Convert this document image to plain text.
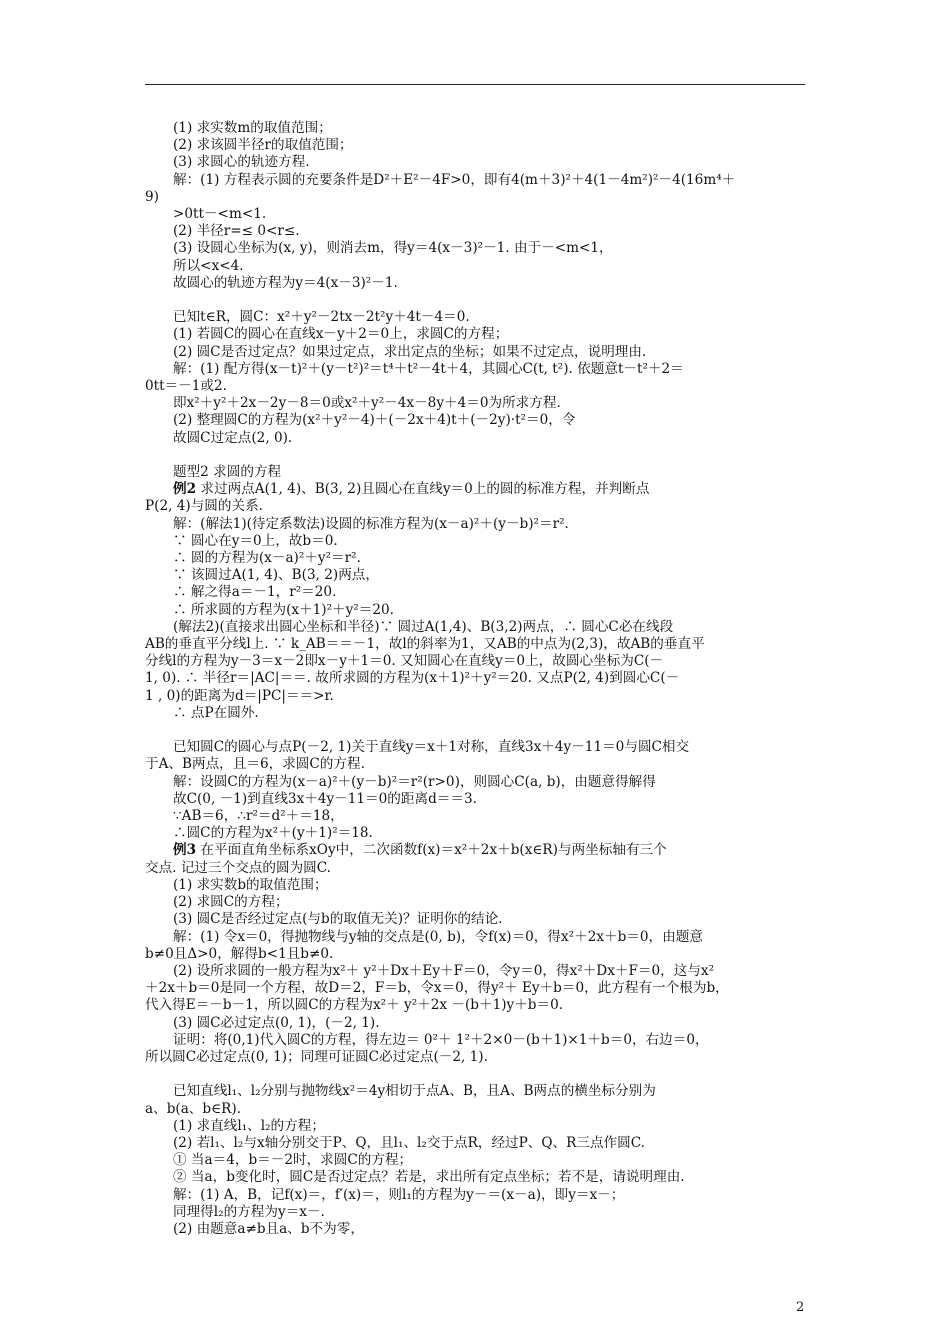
(1) 求实数m的取值范围；
(2) 求该圆半径r的取值范围；
(3) 求圆心的轨迹方程.
解：(1) 方程表示圆的充要条件是D²＋E²－4F>0，即有4(m＋3)²＋4(1－4m²)²－4(16m⁴＋
9)
>0tt－<m<1.
(2) 半径r=≤ 0<r≤.
(3) 设圆心坐标为(x, y)，则消去m，得y＝4(x－3)²－1. 由于－<m<1，
所以<x<4.
故圆心的轨迹方程为y＝4(x－3)²－1.
已知t∈R，圆C：x²＋y²－2tx－2t²y＋4t－4＝0.
(1) 若圆C的圆心在直线x－y＋2＝0上，求圆C的方程；
(2) 圆C是否过定点？如果过定点，求出定点的坐标；如果不过定点，说明理由.
解：(1) 配方得(x－t)²＋(y－t²)²＝t⁴＋t²－4t＋4，其圆心C(t, t²). 依题意t－t²＋2＝
0tt＝－1或2.
即x²＋y²＋2x－2y－8＝0或x²＋y²－4x－8y＋4＝0为所求方程.
(2) 整理圆C的方程为(x²＋y²－4)＋(－2x＋4)t＋(－2y)·t²＝0，令
故圆C过定点(2, 0).
题型2 求圆的方程
例2 求过两点A(1, 4)、B(3, 2)且圆心在直线y＝0上的圆的标准方程，并判断点
P(2, 4)与圆的关系.
解：(解法1)(待定系数法)设圆的标准方程为(x－a)²＋(y－b)²＝r².
∵ 圆心在y＝0上，故b＝0.
∴ 圆的方程为(x－a)²＋y²＝r².
∵ 该圆过A(1, 4)、B(3, 2)两点，
∴ 解之得a＝－1，r²＝20.
∴ 所求圆的方程为(x＋1)²＋y²＝20.
(解法2)(直接求出圆心坐标和半径)∵ 圆过A(1,4)、B(3,2)两点，∴ 圆心C必在线段
AB的垂直平分线l上. ∵ k_AB＝＝－1，故l的斜率为1，又AB的中点为(2,3)，故AB的垂直平
分线l的方程为y－3＝x－2即x－y＋1＝0. 又知圆心在直线y＝0上，故圆心坐标为C(－
1, 0). ∴ 半径r＝|AC|＝＝. 故所求圆的方程为(x＋1)²＋y²＝20. 又点P(2, 4)到圆心C(－
1 , 0)的距离为d＝|PC|＝＝>r.
∴ 点P在圆外.
已知圆C的圆心与点P(－2, 1)关于直线y＝x＋1对称，直线3x＋4y－11＝0与圆C相交
于A、B两点，且＝6，求圆C的方程.
解：设圆C的方程为(x－a)²＋(y－b)²＝r²(r>0)，则圆心C(a, b)，由题意得解得
故C(0, －1)到直线3x＋4y－11＝0的距离d＝＝3.
∵AB＝6，∴r²＝d²＋＝18，
∴圆C的方程为x²＋(y＋1)²＝18.
例3 在平面直角坐标系xOy中，二次函数f(x)＝x²＋2x＋b(x∈R)与两坐标轴有三个
交点. 记过三个交点的圆为圆C.
(1) 求实数b的取值范围；
(2) 求圆C的方程；
(3) 圆C是否经过定点(与b的取值无关)？证明你的结论.
解：(1) 令x＝0，得抛物线与y轴的交点是(0, b)，令f(x)＝0，得x²＋2x＋b＝0，由题意
b≠0且Δ>0，解得b<1且b≠0.
(2) 设所求圆的一般方程为x²＋ y²＋Dx＋Ey＋F＝0，令y＝0，得x²＋Dx＋F＝0，这与x²
＋2x＋b＝0是同一个方程，故D＝2，F＝b，令x＝0，得y²＋ Ey＋b＝0，此方程有一个根为b，
代入得E＝－b－1，所以圆C的方程为x²＋ y²＋2x －(b＋1)y＋b＝0.
(3) 圆C必过定点(0, 1)，(－2, 1).
证明：将(0,1)代入圆C的方程，得左边＝ 0²＋ 1²＋2×0－(b＋1)×1＋b＝0，右边＝0，
所以圆C必过定点(0, 1)；同理可证圆C必过定点(－2, 1).
已知直线l₁、l₂分别与抛物线x²＝4y相切于点A、B，且A、B两点的横坐标分别为
a、b(a、b∈R).
(1) 求直线l₁、l₂的方程；
(2) 若l₁、l₂与x轴分别交于P、Q，且l₁、l₂交于点R，经过P、Q、R三点作圆C.
① 当a＝4，b＝－2时，求圆C的方程；
② 当a，b变化时，圆C是否过定点？若是，求出所有定点坐标；若不是，请说明理由.
解：(1) A，B，记f(x)＝，f′(x)＝，则l₁的方程为y－＝(x－a)，即y＝x－；
同理得l₂的方程为y＝x－.
(2) 由题意a≠b且a、b不为零，
2
